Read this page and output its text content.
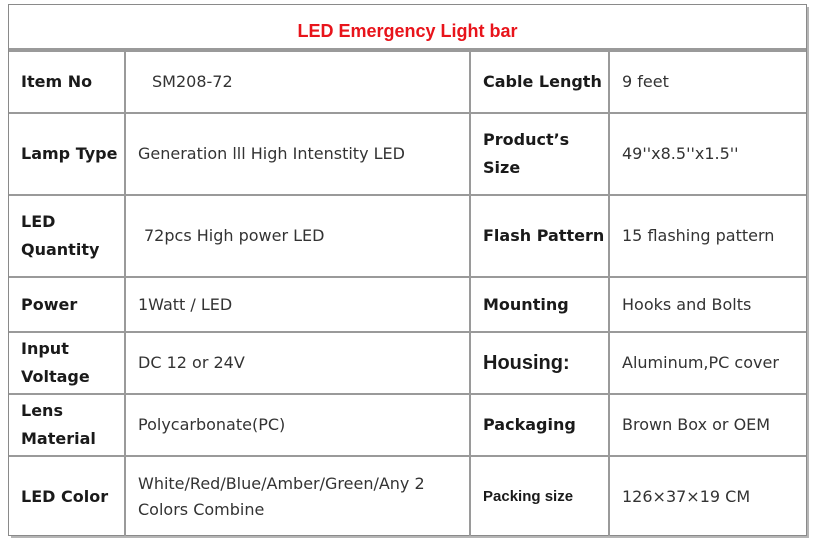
LED Emergency Light bar
Item No	SM208-72	Cable Length	9 feet
Lamp Type	Generation lll High Intenstity LED	Product’s Size	49''x8.5''x1.5''
LED Quantity	72pcs High power LED	Flash Pattern	15 flashing pattern
Power	1Watt / LED	Mounting	Hooks and Bolts
Input Voltage	DC 12 or 24V	Housing:	Aluminum,PC cover
Lens Material	Polycarbonate(PC)	Packaging	Brown Box or OEM
LED Color	White/Red/Blue/Amber/Green/Any 2 Colors Combine	Packing size	126×37×19 CM
